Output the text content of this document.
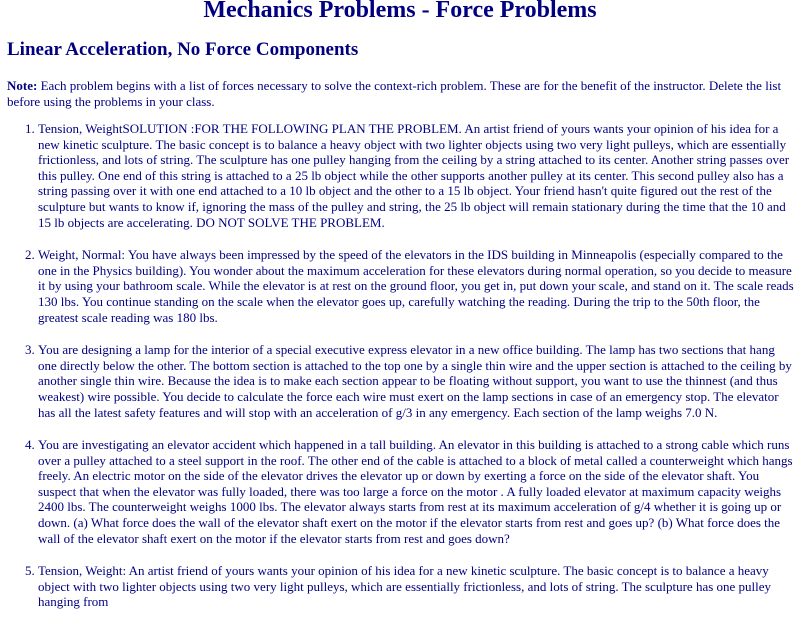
Mechanics Problems - Force Problems
Linear Acceleration, No Force Components

Note: Each problem begins with a list of forces necessary to solve the context-rich problem. These are for the benefit of the instructor. Delete the list before using the problems in your class.

1. Tension, WeightSOLUTION :FOR THE FOLLOWING PLAN THE PROBLEM. An artist friend of yours wants your opinion of his idea for a new kinetic sculpture. The basic concept is to balance a heavy object with two lighter objects using two very light pulleys, which are essentially frictionless, and lots of string. The sculpture has one pulley hanging from the ceiling by a string attached to its center. Another string passes over this pulley. One end of this string is attached to a 25 lb object while the other supports another pulley at its center. This second pulley also has a string passing over it with one end attached to a 10 lb object and the other to a 15 lb object. Your friend hasn't quite figured out the rest of the sculpture but wants to know if, ignoring the mass of the pulley and string, the 25 lb object will remain stationary during the time that the 10 and 15 lb objects are accelerating. DO NOT SOLVE THE PROBLEM.
2. Weight, Normal: You have always been impressed by the speed of the elevators in the IDS building in Minneapolis (especially compared to the one in the Physics building). You wonder about the maximum acceleration for these elevators during normal operation, so you decide to measure it by using your bathroom scale. While the elevator is at rest on the ground floor, you get in, put down your scale, and stand on it. The scale reads 130 lbs. You continue standing on the scale when the elevator goes up, carefully watching the reading. During the trip to the 50th floor, the greatest scale reading was 180 lbs.
3. You are designing a lamp for the interior of a special executive express elevator in a new office building. The lamp has two sections that hang one directly below the other. The bottom section is attached to the top one by a single thin wire and the upper section is attached to the ceiling by another single thin wire. Because the idea is to make each section appear to be floating without support, you want to use the thinnest (and thus weakest) wire possible. You decide to calculate the force each wire must exert on the lamp sections in case of an emergency stop. The elevator has all the latest safety features and will stop with an acceleration of g/3 in any emergency. Each section of the lamp weighs 7.0 N.
4. You are investigating an elevator accident which happened in a tall building. An elevator in this building is attached to a strong cable which runs over a pulley attached to a steel support in the roof. The other end of the cable is attached to a block of metal called a counterweight which hangs freely. An electric motor on the side of the elevator drives the elevator up or down by exerting a force on the side of the elevator shaft. You suspect that when the elevator was fully loaded, there was too large a force on the motor . A fully loaded elevator at maximum capacity weighs 2400 lbs. The counterweight weighs 1000 lbs. The elevator always starts from rest at its maximum acceleration of g/4 whether it is going up or down. (a) What force does the wall of the elevator shaft exert on the motor if the elevator starts from rest and goes up? (b) What force does the wall of the elevator shaft exert on the motor if the elevator starts from rest and goes down?
5. Tension, Weight: An artist friend of yours wants your opinion of his idea for a new kinetic sculpture. The basic concept is to balance a heavy object with two lighter objects using two very light pulleys, which are essentially frictionless, and lots of string. The sculpture has one pulley hanging from
